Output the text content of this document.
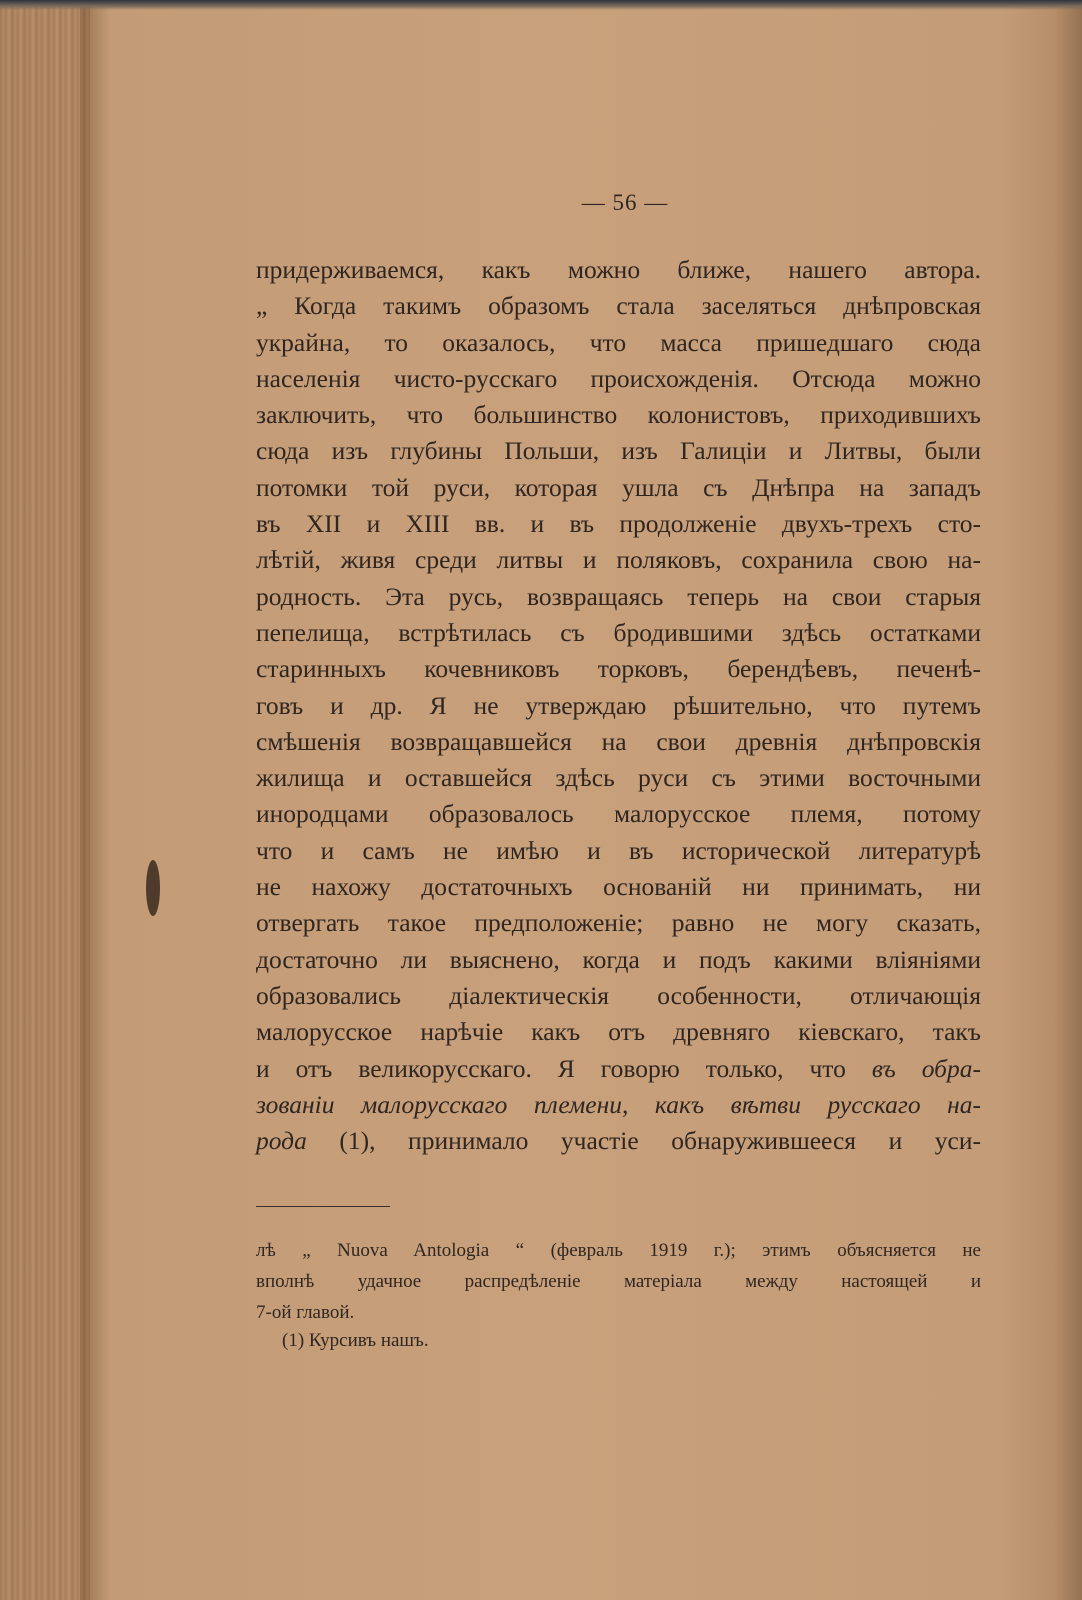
— 56 —
придерживаемся, какъ можно ближе, нашего автора.
„ Когда такимъ образомъ стала заселяться днѣпровская
украйна, то оказалось, что масса пришедшаго сюда
населенія чисто-русскаго происхожденія. Отсюда можно
заключить, что большинство колонистовъ, приходившихъ
сюда изъ глубины Польши, изъ Галиціи и Литвы, были
потомки той руси, которая ушла съ Днѣпра на западъ
въ XII и XIII вв. и въ продолженіе двухъ-трехъ сто-
лѣтій, живя среди литвы и поляковъ, сохранила свою на-
родность. Эта русь, возвращаясь теперь на свои старыя
пепелища, встрѣтилась съ бродившими здѣсь остатками
старинныхъ кочевниковъ торковъ, берендѣевъ, печенѣ-
говъ и др. Я не утверждаю рѣшительно, что путемъ
смѣшенія возвращавшейся на свои древнія днѣпровскія
жилища и оставшейся здѣсь руси съ этими восточными
инородцами образовалось малорусское племя, потому
что и самъ не имѣю и въ исторической литературѣ
не нахожу достаточныхъ основаній ни принимать, ни
отвергать такое предположеніе; равно не могу сказать,
достаточно ли выяснено, когда и подъ какими вліяніями
образовались діалектическія особенности, отличающія
малорусское нарѣчіе какъ отъ древняго кіевскаго, такъ
и отъ великорусскаго. Я говорю только, что въ обра-
зованіи малорусскаго племени, какъ вѣтви русскаго на-
рода (1), принимало участіе обнаружившееся и уси-
лѣ „ Nuova Antologia “ (февраль 1919 г.); этимъ объясняется не
вполнѣ удачное распредѣленіе матеріала между настоящей и
7-ой главой.
(1) Курсивъ нашъ.
